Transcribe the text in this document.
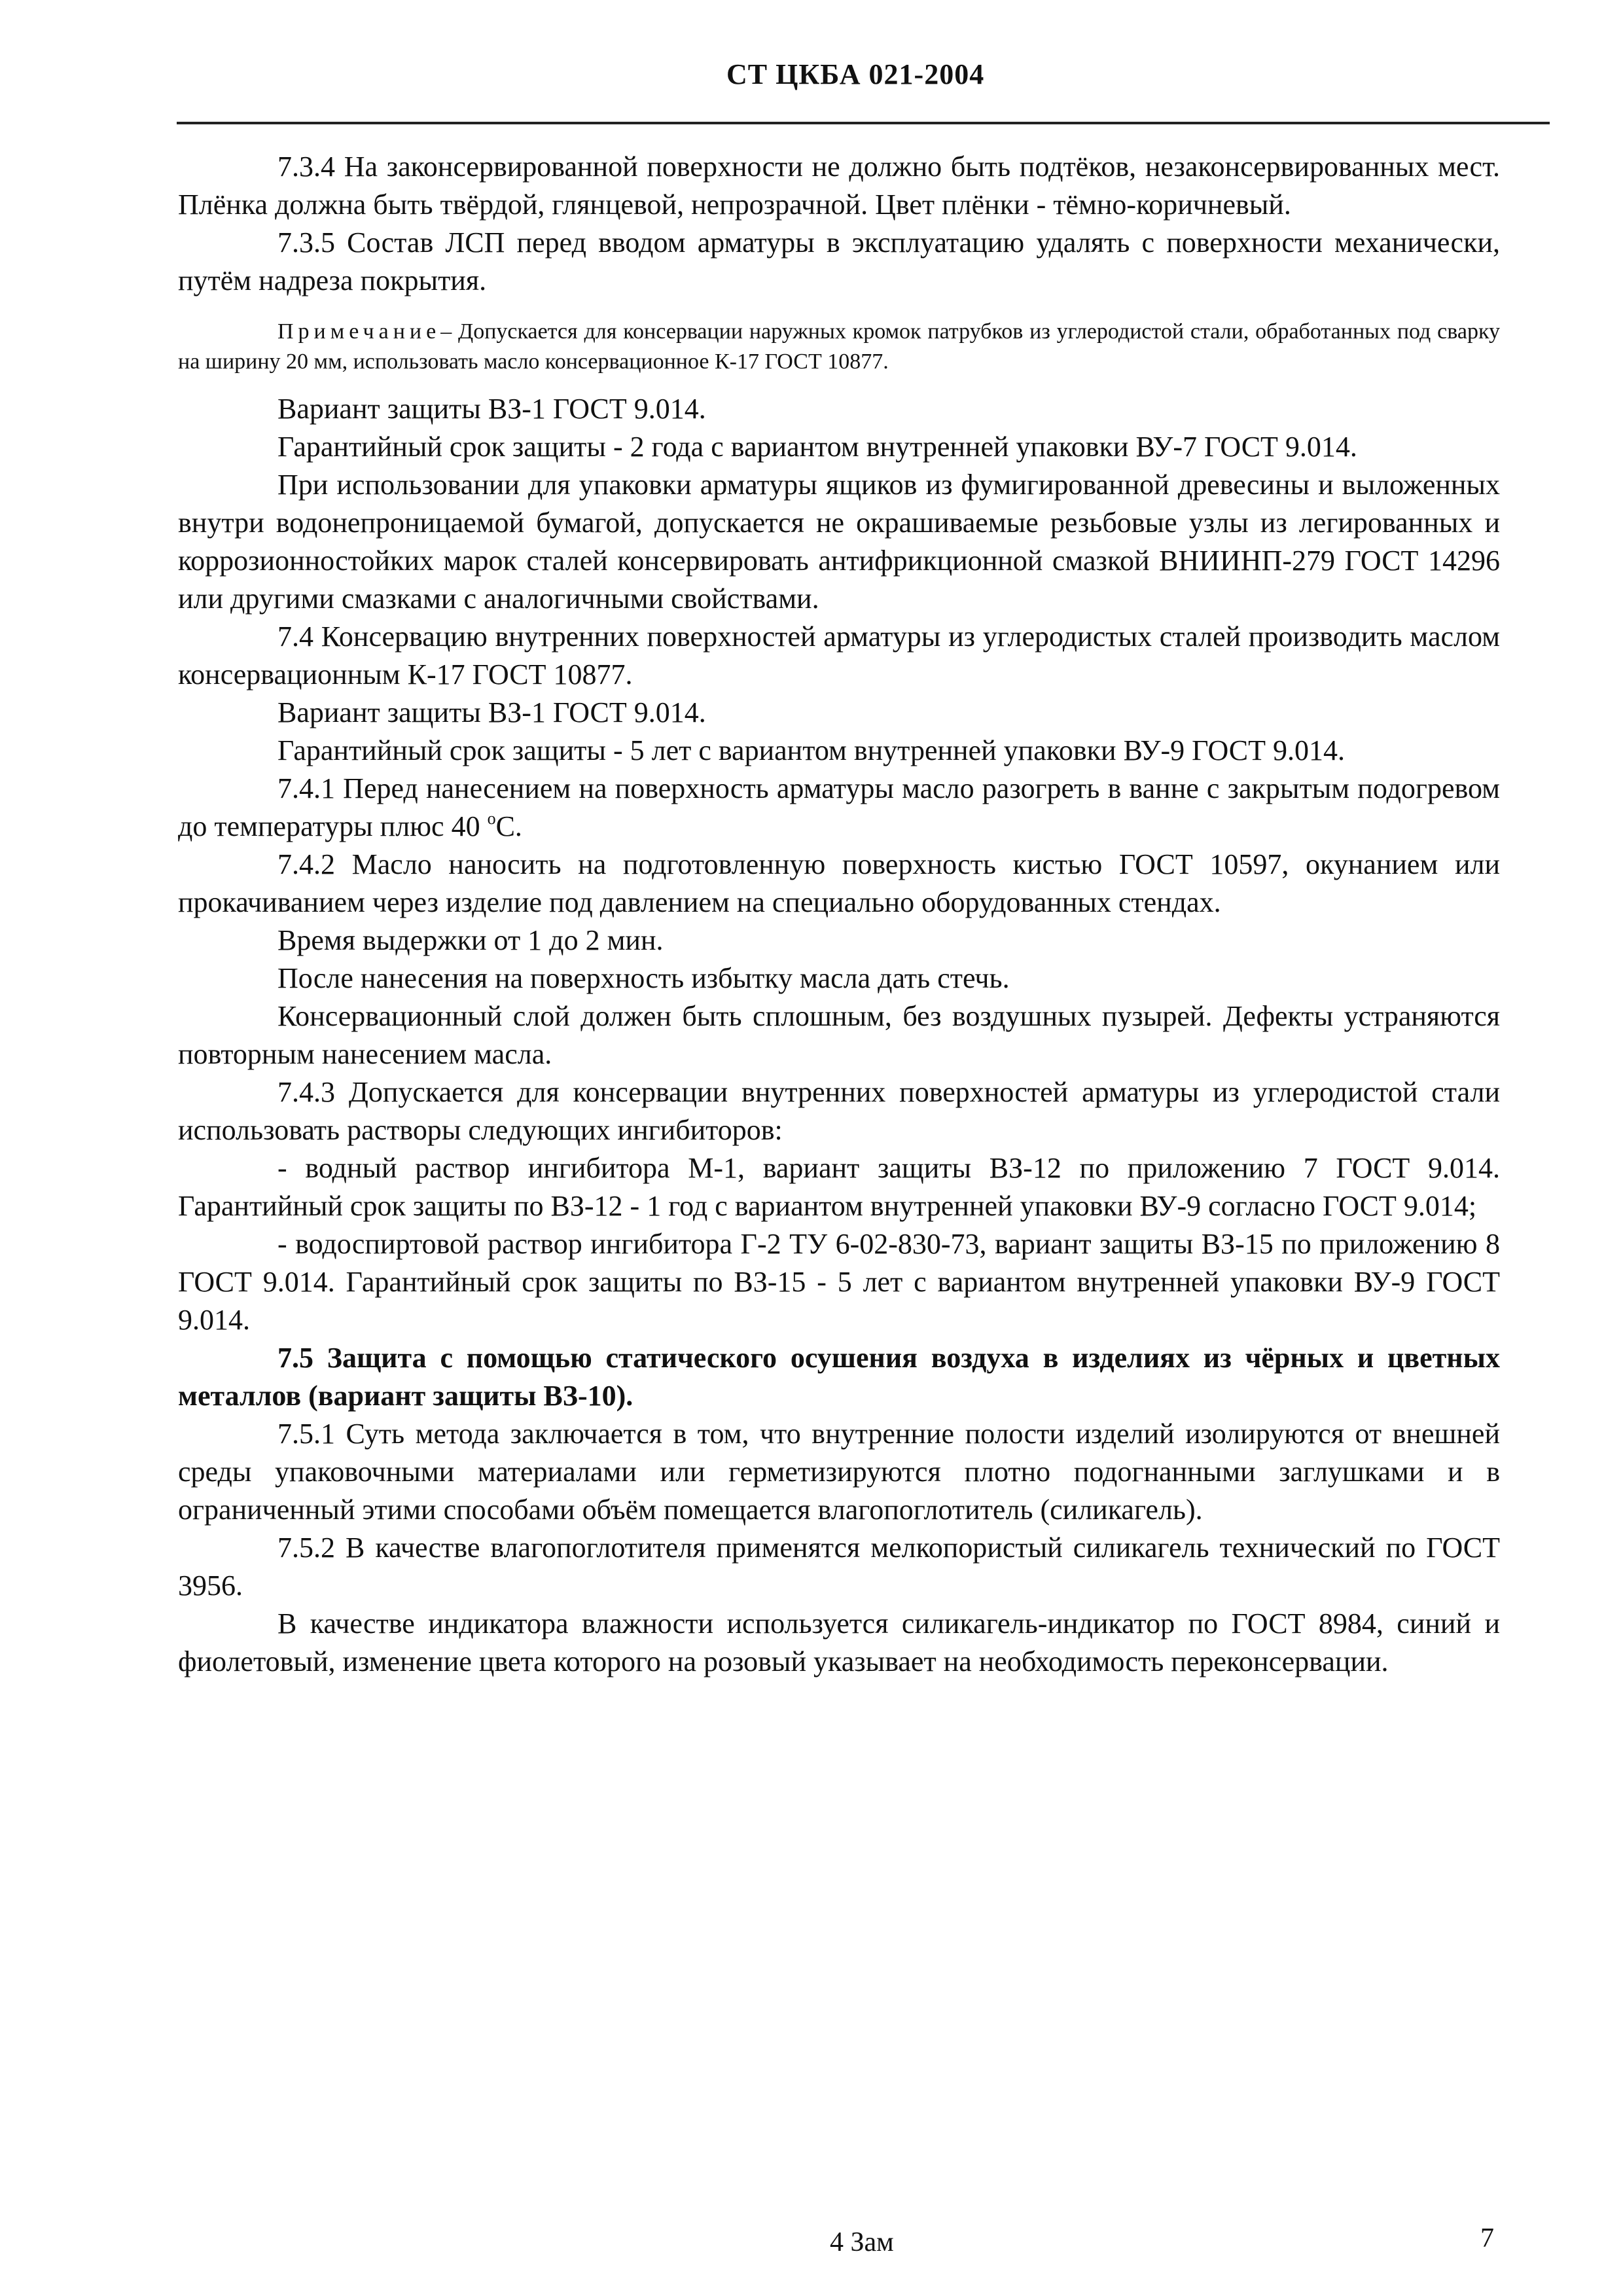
СТ ЦКБА 021-2004

7.3.4 На законсервированной поверхности не должно быть подтёков, незаконсервированных мест. Плёнка должна быть твёрдой, глянцевой, непрозрачной. Цвет плёнки - тёмно-коричневый.

7.3.5 Состав ЛСП перед вводом арматуры в эксплуатацию удалять с поверхности механически, путём надреза покрытия.

Примечание– Допускается для консервации наружных кромок патрубков из углеродистой стали, обработанных под сварку на ширину 20 мм, использовать масло консервационное К-17 ГОСТ 10877.

Вариант защиты ВЗ-1 ГОСТ 9.014.

Гарантийный срок защиты - 2 года с вариантом внутренней упаковки ВУ-7 ГОСТ 9.014.

При использовании для упаковки арматуры ящиков из фумигированной древесины и выложенных внутри водонепроницаемой бумагой, допускается не окрашиваемые резьбовые узлы из легированных и коррозионностойких марок сталей консервировать антифрикционной смазкой ВНИИНП-279 ГОСТ 14296 или другими смазками с аналогичными свойствами.

7.4 Консервацию внутренних поверхностей арматуры из углеродистых сталей производить маслом консервационным К-17 ГОСТ 10877.

Вариант защиты ВЗ-1 ГОСТ 9.014.

Гарантийный срок защиты - 5 лет с вариантом внутренней упаковки ВУ-9 ГОСТ 9.014.

7.4.1 Перед нанесением на поверхность арматуры масло разогреть в ванне с закрытым подогревом до температуры плюс 40 $^о$С.

7.4.2 Масло наносить на подготовленную поверхность кистью ГОСТ 10597, окунанием или прокачиванием через изделие под давлением на специально оборудованных стендах.

Время выдержки от 1 до 2 мин.

После нанесения на поверхность избытку масла дать стечь.

Консервационный слой должен быть сплошным, без воздушных пузырей. Дефекты устраняются повторным нанесением масла.

7.4.3 Допускается для консервации внутренних поверхностей арматуры из углеродистой стали использовать растворы следующих ингибиторов:

- водный раствор ингибитора М-1, вариант защиты ВЗ-12 по приложению 7 ГОСТ 9.014. Гарантийный срок защиты по ВЗ-12 - 1 год с вариантом внутренней упаковки ВУ-9 согласно ГОСТ 9.014;

- водоспиртовой раствор ингибитора Г-2 ТУ 6-02-830-73, вариант защиты ВЗ-15 по приложению 8 ГОСТ 9.014. Гарантийный срок защиты по ВЗ-15 - 5 лет с вариантом внутренней упаковки ВУ-9 ГОСТ 9.014.

7.5 Защита с помощью статического осушения воздуха в изделиях из чёрных и цветных металлов (вариант защиты ВЗ-10).

7.5.1 Суть метода заключается в том, что внутренние полости изделий изолируются от внешней среды упаковочными материалами или герметизируются плотно подогнанными заглушками и в ограниченный этими способами объём помещается влагопоглотитель (силикагель).

7.5.2 В качестве влагопоглотителя применятся мелкопористый силикагель технический по ГОСТ 3956.

В качестве индикатора влажности используется силикагель-индикатор по ГОСТ 8984, синий и фиолетовый, изменение цвета которого на розовый указывает на необходимость переконсервации.

4 Зам	7
